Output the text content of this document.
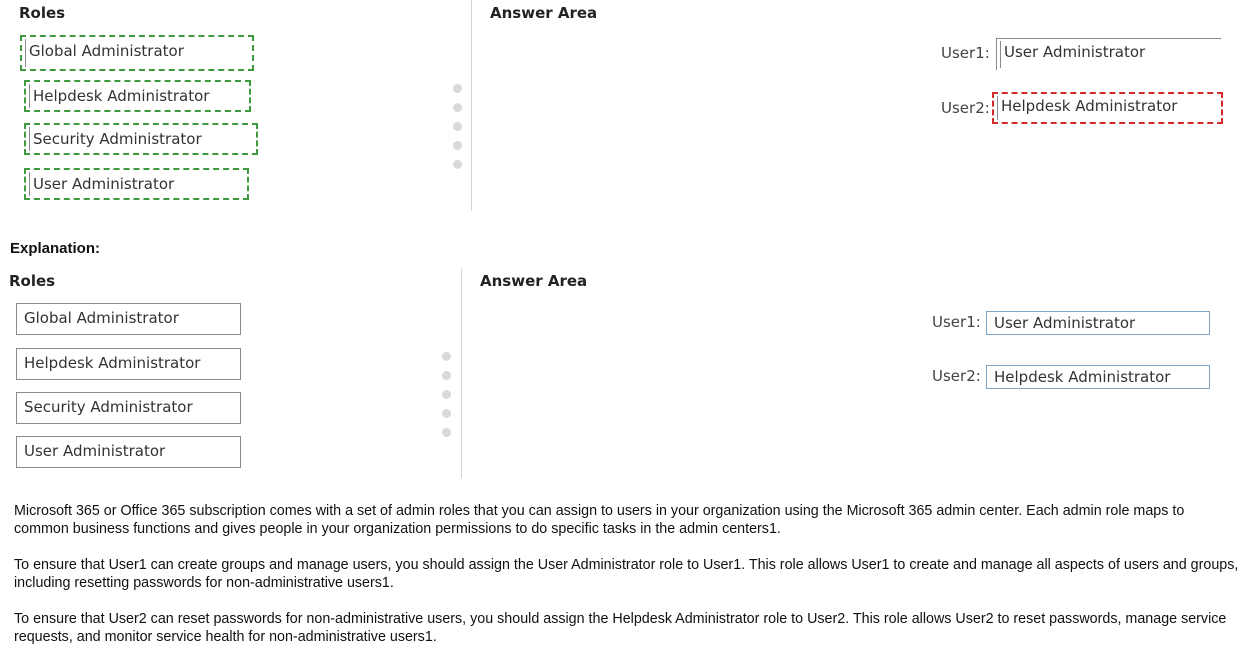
Roles
Global Administrator
Helpdesk Administrator
Security Administrator
User Administrator
Answer Area
User1: User Administrator
User2: Helpdesk Administrator
Explanation:
Roles
Global Administrator
Helpdesk Administrator
Security Administrator
User Administrator
Answer Area
User1: User Administrator
User2: Helpdesk Administrator
Microsoft 365 or Office 365 subscription comes with a set of admin roles that you can assign to users in your organization using the Microsoft 365 admin center. Each admin role maps to common business functions and gives people in your organization permissions to do specific tasks in the admin centers1.
To ensure that User1 can create groups and manage users, you should assign the User Administrator role to User1. This role allows User1 to create and manage all aspects of users and groups, including resetting passwords for non-administrative users1.
To ensure that User2 can reset passwords for non-administrative users, you should assign the Helpdesk Administrator role to User2. This role allows User2 to reset passwords, manage service requests, and monitor service health for non-administrative users1.
